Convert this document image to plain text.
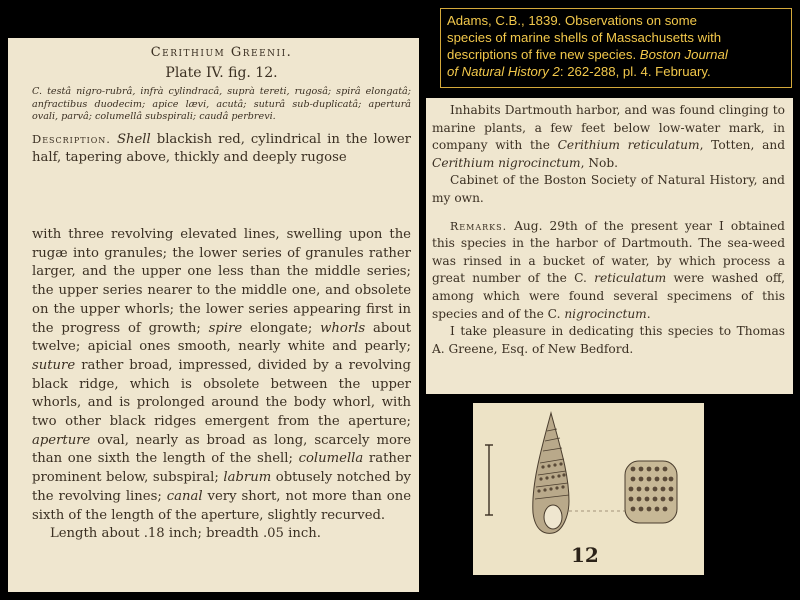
Adams, C.B., 1839. Observations on some
species of marine shells of Massachusetts with
descriptions of five new species. Boston Journal
of Natural History 2: 262-288, pl. 4. February.

Cerithium Greenii.

Plate IV. fig. 12.

C. testâ nigro-rubrâ, infrà cylindracâ, suprà tereti, rugosâ; spirâ elongatâ; anfractibus duodecim; apice lævi, acutâ; suturâ sub-duplicatâ; aperturâ ovali, parvâ; columellâ subspirali; caudâ perbrevi.

Description. Shell blackish red, cylindrical in the lower half, tapering above, thickly and deeply rugose

with three revolving elevated lines, swelling upon the rugæ into granules; the lower series of granules rather larger, and the upper one less than the middle series; the upper series nearer to the middle one, and obsolete on the upper whorls; the lower series appearing first in the progress of growth; spire elongate; whorls about twelve; apicial ones smooth, nearly white and pearly; suture rather broad, impressed, divided by a revolving black ridge, which is obsolete between the upper whorls, and is prolonged around the body whorl, with two other black ridges emergent from the aperture; aperture oval, nearly as broad as long, scarcely more than one sixth the length of the shell; columella rather prominent below, subspiral; labrum obtusely notched by the revolving lines; canal very short, not more than one sixth of the length of the aperture, slightly recurved.

Length about .18 inch; breadth .05 inch.

Inhabits Dartmouth harbor, and was found clinging to marine plants, a few feet below low-water mark, in company with the Cerithium reticulatum, Totten, and Cerithium nigrocinctum, Nob.

Cabinet of the Boston Society of Natural History, and my own.

Remarks. Aug. 29th of the present year I obtained this species in the harbor of Dartmouth. The sea-weed was rinsed in a bucket of water, by which process a great number of the C. reticulatum were washed off, among which were found several specimens of this species and of the C. nigrocinctum.

I take pleasure in dedicating this species to Thomas A. Greene, Esq. of New Bedford.

12
